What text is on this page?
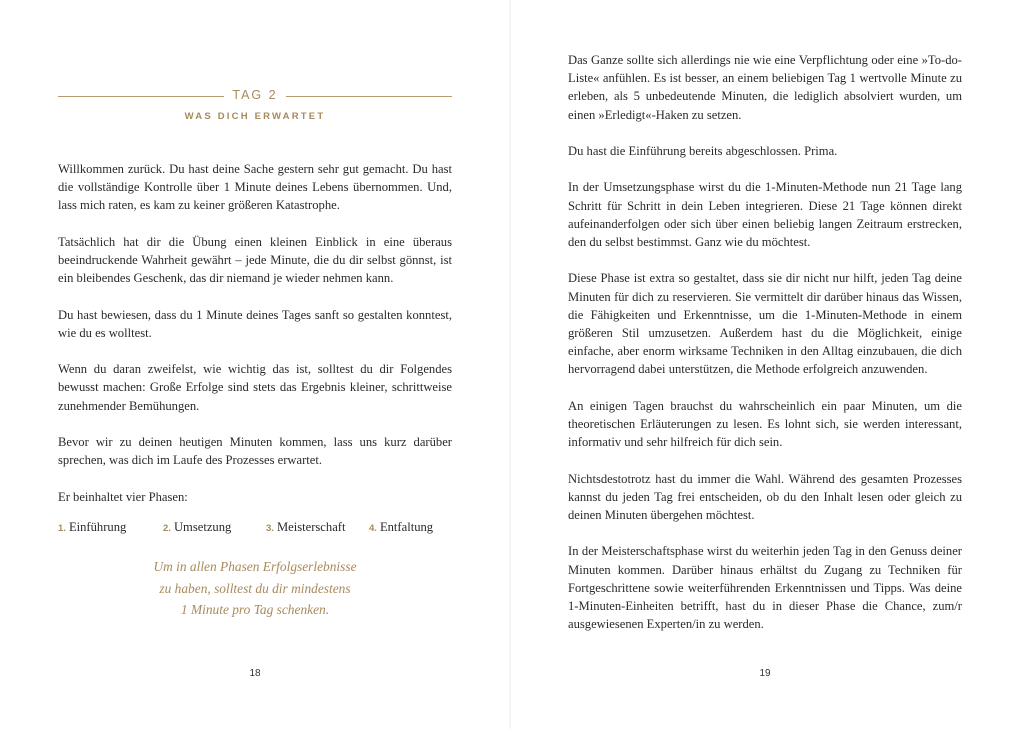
TAG 2
WAS DICH ERWARTET

Willkommen zurück. Du hast deine Sache gestern sehr gut gemacht. Du hast die vollständige Kontrolle über 1 Minute deines Lebens übernommen. Und, lass mich raten, es kam zu keiner größeren Katastrophe.

Tatsächlich hat dir die Übung einen kleinen Einblick in eine überaus beeindruckende Wahrheit gewährt – jede Minute, die du dir selbst gönnst, ist ein bleibendes Geschenk, das dir niemand je wieder nehmen kann.

Du hast bewiesen, dass du 1 Minute deines Tages sanft so gestalten konntest, wie du es wolltest.

Wenn du daran zweifelst, wie wichtig das ist, solltest du dir Folgendes bewusst machen: Große Erfolge sind stets das Ergebnis kleiner, schrittweise zunehmender Bemühungen.

Bevor wir zu deinen heutigen Minuten kommen, lass uns kurz darüber sprechen, was dich im Laufe des Prozesses erwartet.

Er beinhaltet vier Phasen:

1. Einführung	2. Umsetzung	3. Meisterschaft 4. Entfaltung
Um in allen Phasen Erfolgserlebnisse
zu haben, solltest du dir mindestens
1 Minute pro Tag schenken.
18

Das Ganze sollte sich allerdings nie wie eine Verpflichtung oder eine »To-do-Liste« anfühlen. Es ist besser, an einem beliebigen Tag 1 wertvolle Minute zu erleben, als 5 unbedeutende Minuten, die lediglich absolviert wurden, um einen »Erledigt«-Haken zu setzen.

Du hast die Einführung bereits abgeschlossen. Prima.

In der Umsetzungsphase wirst du die 1-Minuten-Methode nun 21 Tage lang Schritt für Schritt in dein Leben integrieren. Diese 21 Tage können direkt aufeinanderfolgen oder sich über einen beliebig langen Zeitraum erstrecken, den du selbst bestimmst. Ganz wie du möchtest.

Diese Phase ist extra so gestaltet, dass sie dir nicht nur hilft, jeden Tag deine Minuten für dich zu reservieren. Sie vermittelt dir darüber hinaus das Wissen, die Fähigkeiten und Erkenntnisse, um die 1-Minuten-Methode in einem größeren Stil umzusetzen. Außerdem hast du die Möglichkeit, einige einfache, aber enorm wirksame Techniken in den Alltag einzubauen, die dich hervorragend dabei unterstützen, die Methode erfolgreich anzuwenden.

An einigen Tagen brauchst du wahrscheinlich ein paar Minuten, um die theoretischen Erläuterungen zu lesen. Es lohnt sich, sie werden interessant, informativ und sehr hilfreich für dich sein.

Nichtsdestotrotz hast du immer die Wahl. Während des gesamten Prozesses kannst du jeden Tag frei entscheiden, ob du den Inhalt lesen oder gleich zu deinen Minuten übergehen möchtest.

In der Meisterschaftsphase wirst du weiterhin jeden Tag in den Genuss deiner Minuten kommen. Darüber hinaus erhältst du Zugang zu Techniken für Fortgeschrittene sowie weiterführenden Erkenntnissen und Tipps. Was deine 1-Minuten-Einheiten betrifft, hast du in dieser Phase die Chance, zum/r ausgewiesenen Experten/in zu werden.

19
